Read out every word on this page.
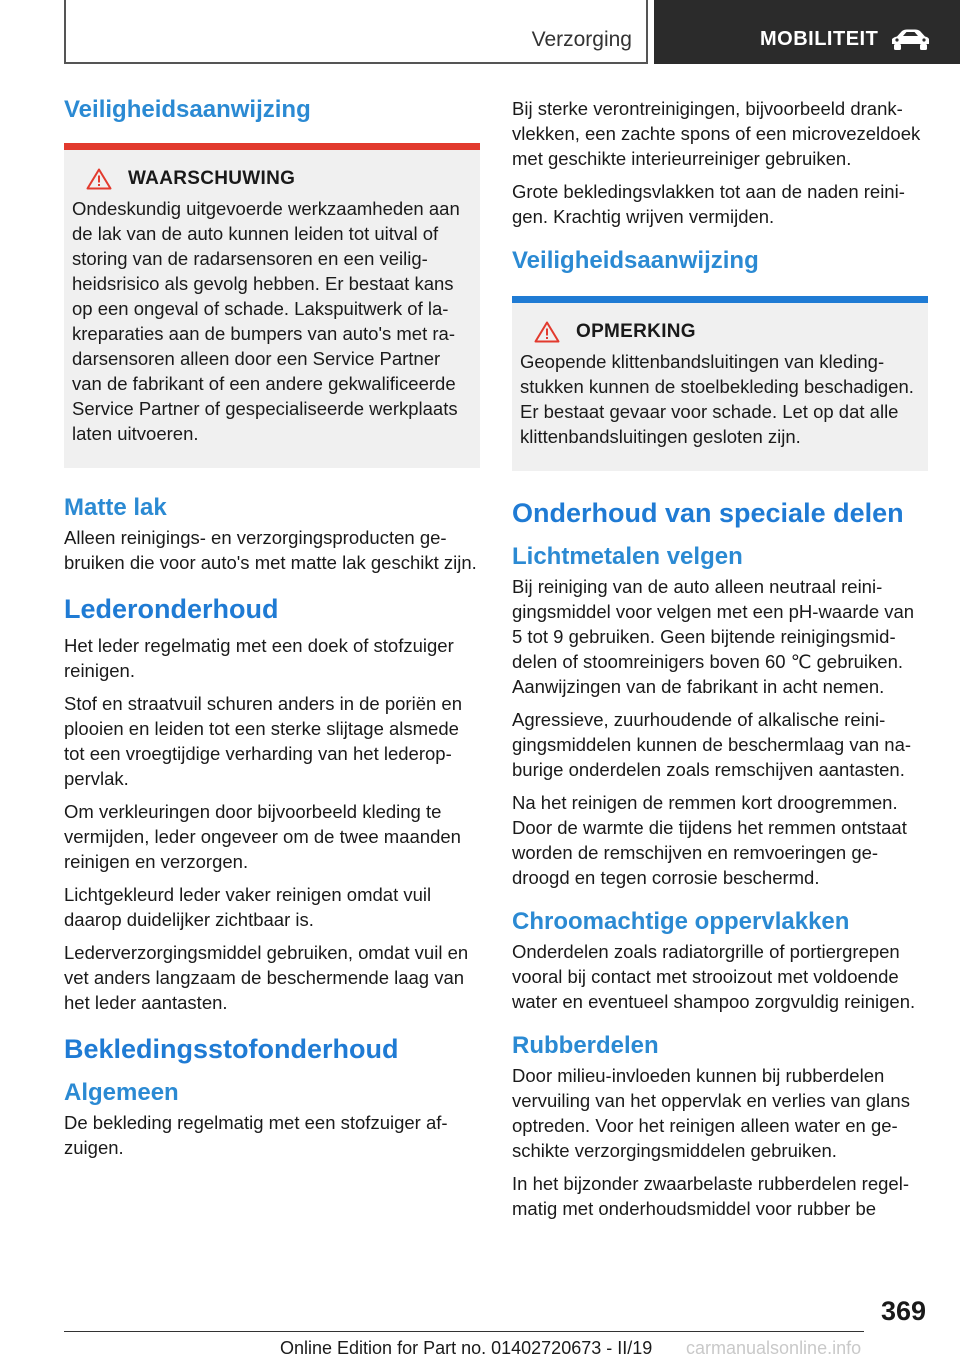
Verzorging	MOBILITEIT
Veiligheidsaanwijzing
WAARSCHUWING
Ondeskundig uitgevoerde werkzaamheden aan de lak van de auto kunnen leiden tot uitval of storing van de radarsensoren en een veiligheidsrisico als gevolg hebben. Er bestaat kans op een ongeval of schade. Lakspuitwerk of lakreparaties aan de bumpers van auto's met radarsensoren alleen door een Service Partner van de fabrikant of een andere gekwalificeerde Service Partner of gespecialiseerde werkplaats laten uitvoeren.
Matte lak

Alleen reinigings- en verzorgingsproducten gebruiken die voor auto's met matte lak geschikt zijn.

Lederonderhoud

Het leder regelmatig met een doek of stofzuiger reinigen.

Stof en straatvuil schuren anders in de poriën en plooien en leiden tot een sterke slijtage alsmede tot een vroegtijdige verharding van het lederoppervlak.

Om verkleuringen door bijvoorbeeld kleding te vermijden, leder ongeveer om de twee maanden reinigen en verzorgen.

Lichtgekleurd leder vaker reinigen omdat vuil daarop duidelijker zichtbaar is.

Lederverzorgingsmiddel gebruiken, omdat vuil en vet anders langzaam de beschermende laag van het leder aantasten.

Bekledingsstofonderhoud
Algemeen

De bekleding regelmatig met een stofzuiger afzuigen.

Bij sterke verontreinigingen, bijvoorbeeld drankvlekken, een zachte spons of een microvezeldoek met geschikte interieurreiniger gebruiken.

Grote bekledingsvlakken tot aan de naden reinigen. Krachtig wrijven vermijden.

Veiligheidsaanwijzing
OPMERKING
Geopende klittenbandsluitingen van kledingstukken kunnen de stoelbekleding beschadigen. Er bestaat gevaar voor schade. Let op dat alle klittenbandsluitingen gesloten zijn.
Onderhoud van speciale delen
Lichtmetalen velgen

Bij reiniging van de auto alleen neutraal reinigingsmiddel voor velgen met een pH-waarde van 5 tot 9 gebruiken. Geen bijtende reinigingsmiddelen of stoomreinigers boven 60 ℃ gebruiken. Aanwijzingen van de fabrikant in acht nemen.

Agressieve, zuurhoudende of alkalische reinigingsmiddelen kunnen de beschermlaag van naburige onderdelen zoals remschijven aantasten.

Na het reinigen de remmen kort droogremmen. Door de warmte die tijdens het remmen ontstaat worden de remschijven en remvoeringen gedroogd en tegen corrosie beschermd.

Chroomachtige oppervlakken

Onderdelen zoals radiatorgrille of portiergrepen vooral bij contact met strooizout met voldoende water en eventueel shampoo zorgvuldig reinigen.

Rubberdelen

Door milieu-invloeden kunnen bij rubberdelen vervuiling van het oppervlak en verlies van glans optreden. Voor het reinigen alleen water en geschikte verzorgingsmiddelen gebruiken.

In het bijzonder zwaarbelaste rubberdelen regelmatig met onderhoudsmiddel voor rubber be

369
Online Edition for Part no. 01402720673 - II/19 carmanualsonline.info
